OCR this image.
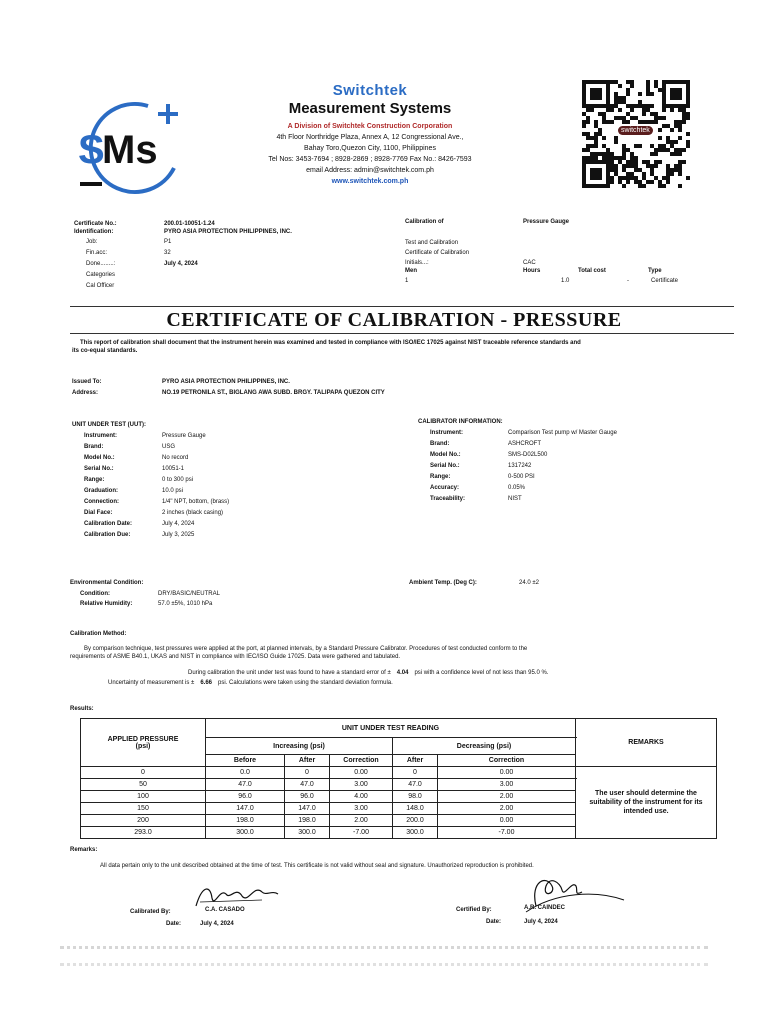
S
Ms
Switchtek
Measurement Systems
A Division of Switchtek Construction Corporation
4th Floor Northridge Plaza, Annex A, 12 Congressional Ave.,
Bahay Toro,Quezon City, 1100, Philippines
Tel Nos: 3453-7694 ; 8928-2869 ; 8928-7769 Fax No.: 8426-7593
email Address: admin@switchtek.com.ph
www.switchtek.com.ph
switchtek
Certificate No.:	200.01-10051-1.24
Identification:	PYRO ASIA PROTECTION PHILIPPINES, INC.
Job:	P1
Fin.acc:	32
Done........:	July 4, 2024
Categories
Cal Officer
Calibration of	Pressure Gauge
Test and Calibration
Certificate of Calibration
Initials...:	CAC
Men	Hours	Total cost	Type
1	1.0	-	Certificate
CERTIFICATE OF CALIBRATION - PRESSURE
This report of calibration shall document that the instrument herein was examined and tested in compliance with ISO/IEC 17025 against NIST traceable reference standards and
its co-equal standards.
Issued To:	PYRO ASIA PROTECTION PHILIPPINES, INC.
Address:	NO.19 PETRONILA ST., BIGLANG AWA SUBD. BRGY. TALIPAPA QUEZON CITY
UNIT UNDER TEST (UUT):
Instrument:	Pressure Gauge
Brand:	USG
Model No.:	No record
Serial No.:	10051-1
Range:	0 to 300 psi
Graduation:	10.0 psi
Connection:	1/4" NPT, bottom, (brass)
Dial Face:	2 inches (black casing)
Calibration Date:	July 4, 2024
Calibration Due:	July 3, 2025
CALIBRATOR INFORMATION:
Instrument:	Comparison Test pump w/ Master Gauge
Brand:	ASHCROFT
Model No.:	SMS-D02L500
Serial No.:	1317242
Range:	0-500 PSI
Accuracy:	0.05%
Traceability:	NIST
Environmental Condition:
Condition:	DRY/BASIC/NEUTRAL
Relative Humidity:	57.0 ±5%, 1010 hPa
Ambient Temp. (Deg C):	24.0 ±2
Calibration Method:
By comparison technique, test pressures were applied at the port, at planned intervals, by a Standard Pressure Calibrator. Procedures of test conducted conform to the
requirements of ASME B40.1, UKAS and NIST in compliance with IEC/ISO Guide 17025. Data were gathered and tabulated.
During calibration the unit under test was found to have a standard error of ± 4.04 psi with a confidence level of not less than 95.0 %.
Uncertainty of measurement is ± 6.66 psi. Calculations were taken using the standard deviation formula.
Results:
APPLIED PRESSURE
(psi)	UNIT UNDER TEST READING					REMARKS
	Increasing (psi)			Decreasing (psi)		
	Before	After	Correction	After	Correction	
0	0.0	0	0.00	0	0.00	The user should determine the suitability of the instrument for its intended use.
50	47.0	47.0	3.00	47.0	3.00	
100	96.0	96.0	4.00	98.0	2.00	
150	147.0	147.0	3.00	148.0	2.00	
200	198.0	198.0	2.00	200.0	0.00	
293.0	300.0	300.0	-7.00	300.0	-7.00	
Remarks:
All data pertain only to the unit described obtained at the time of test. This certificate is not valid without seal and signature. Unauthorized reproduction is prohibited.
Calibrated By:	C.A. CASADO
Date:	July 4, 2024
Certified By:	A.R. CAINDEC
Date:	July 4, 2024
